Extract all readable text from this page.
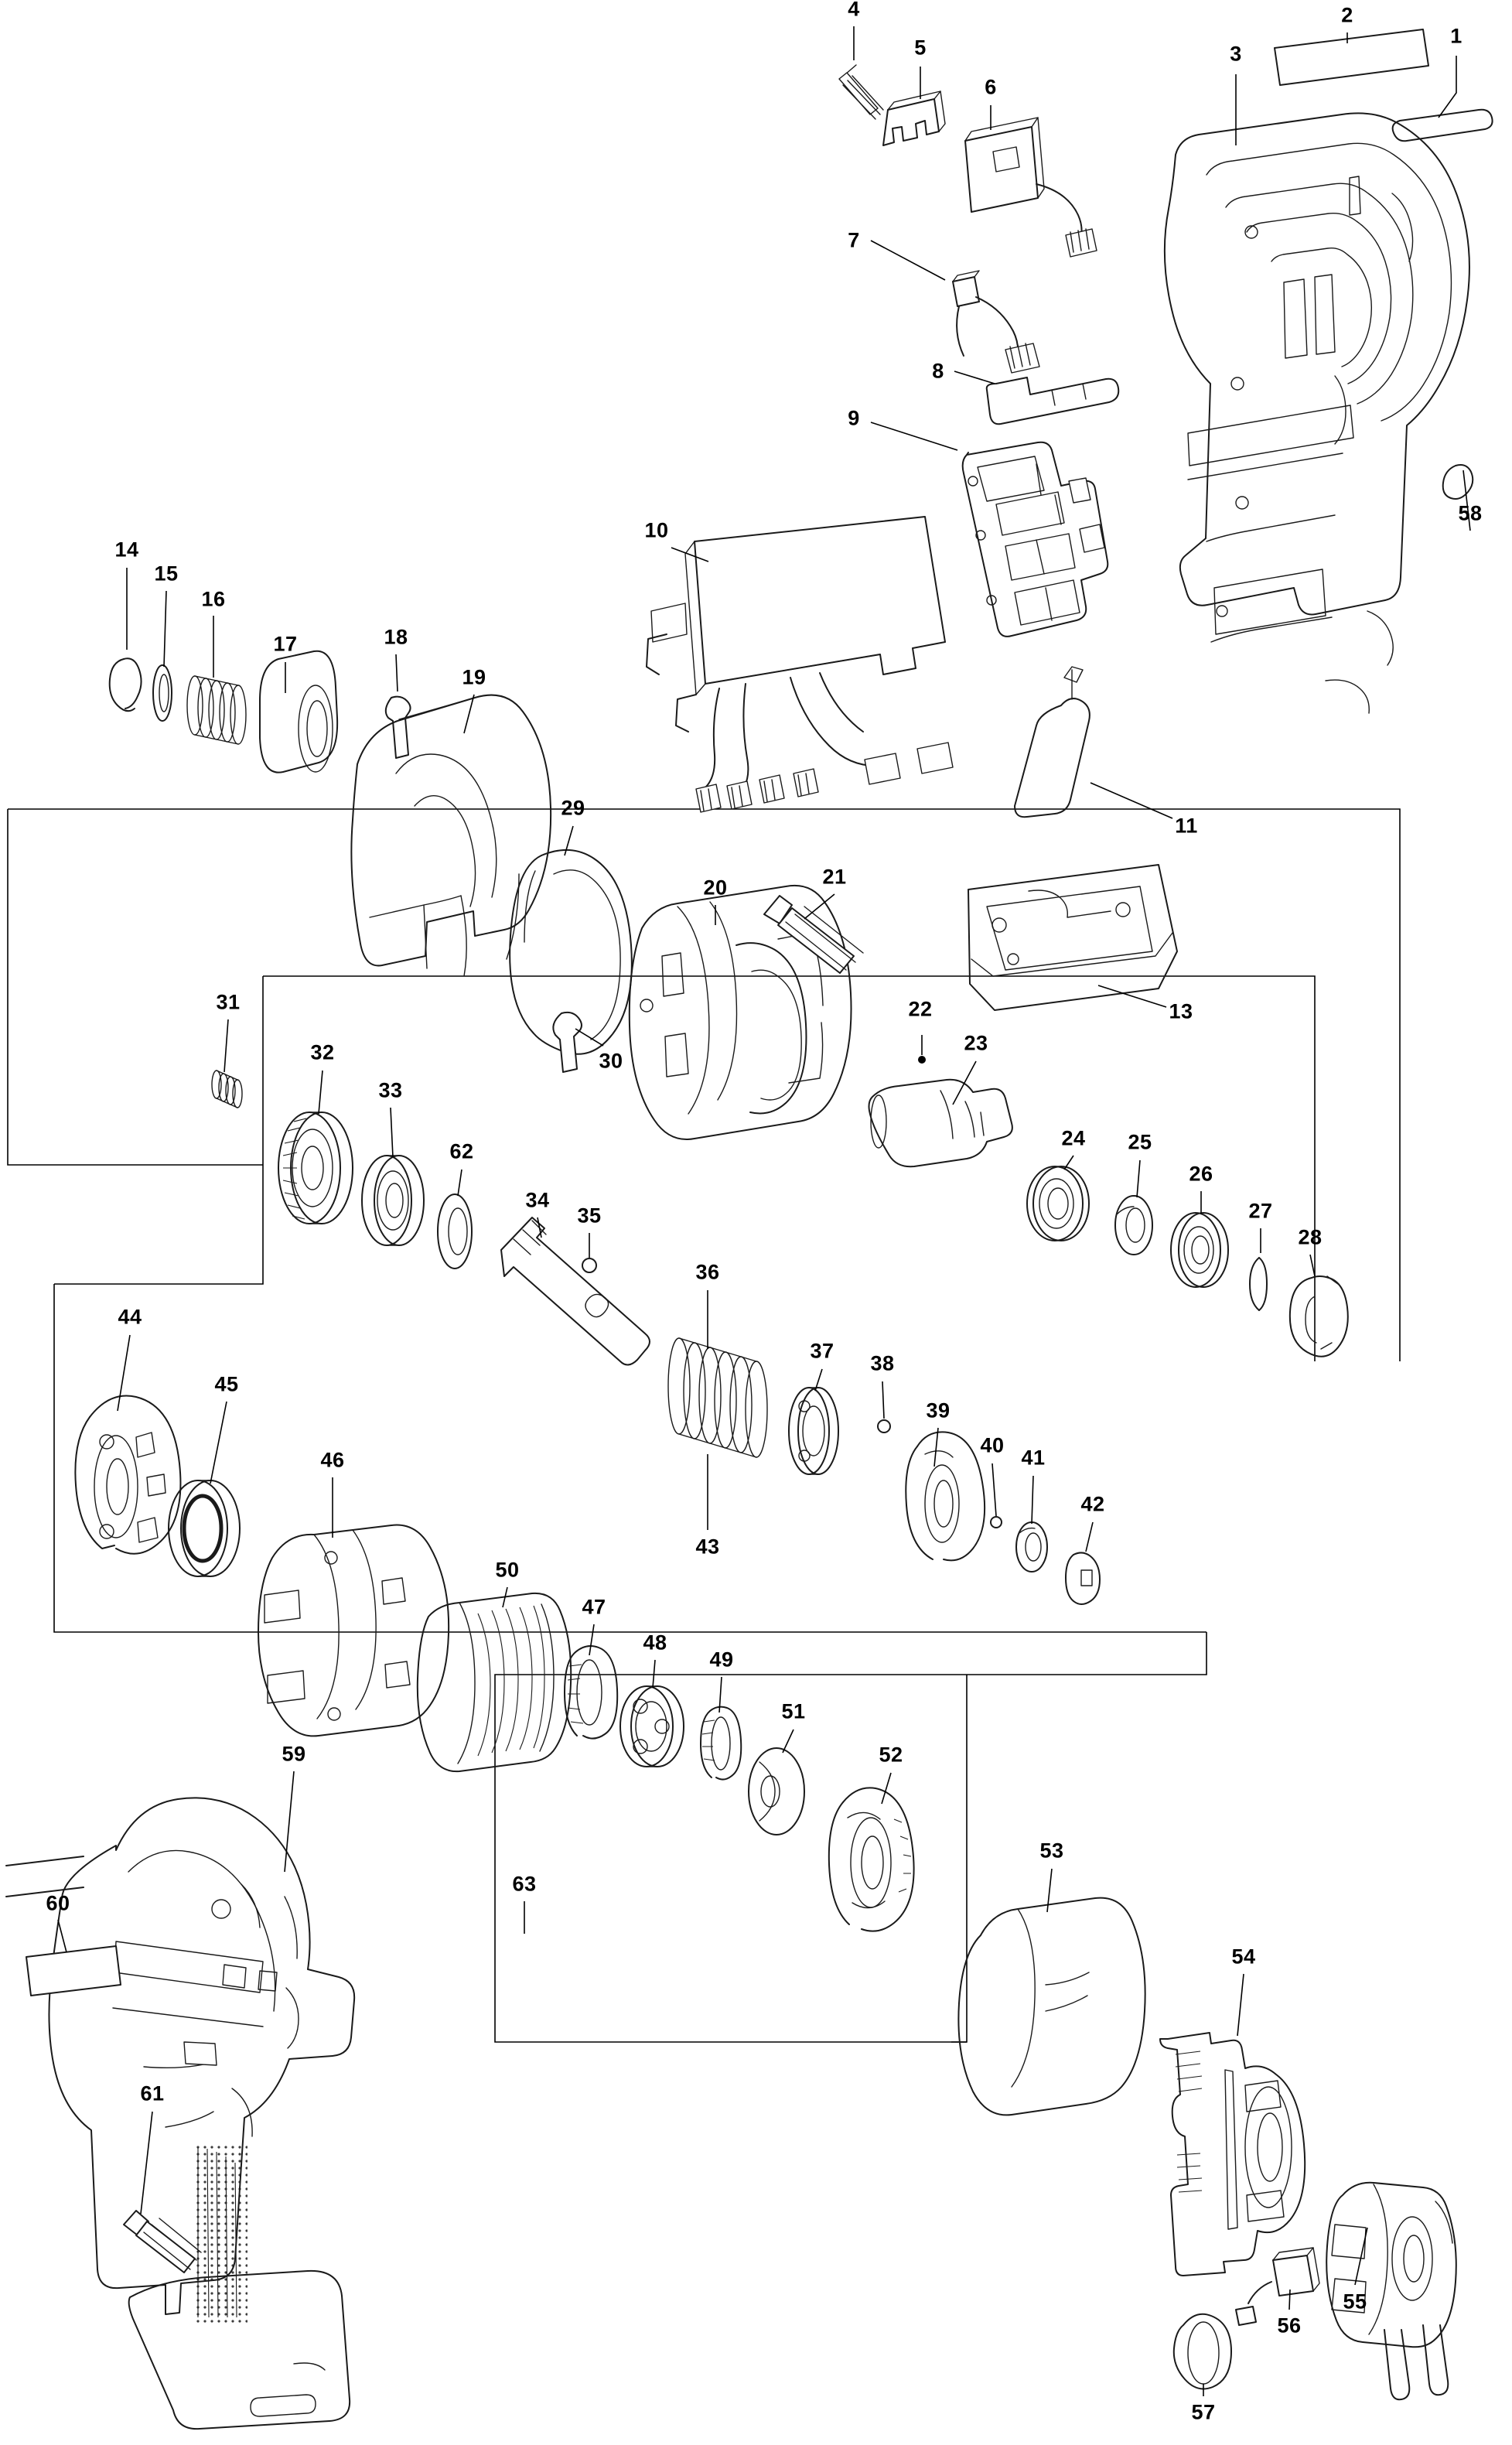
1
2
3
4
5
6
7
8
9
10
11
13
14
15
16
17	18
19
20	21
22
23
24 25
26
27
28
29
30
31
32
33
34
35
36
37
38
39
40
41
42
43
44
45
46
47
48
49
50
51
52
53
54
55
56
57
58
59
60
61
62
63
